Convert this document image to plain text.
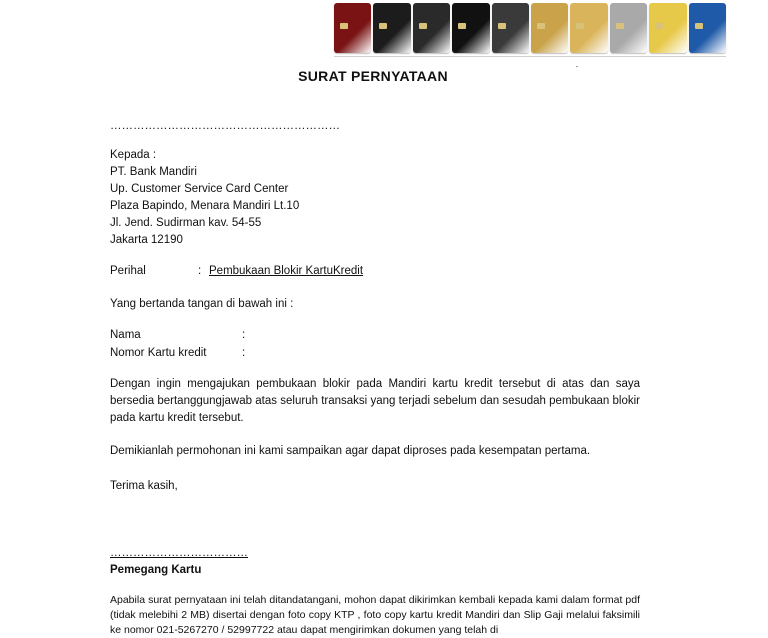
SURAT PERNYATAAN
……………………………………………………
Kepada :
PT. Bank Mandiri
Up. Customer Service Card Center
Plaza Bapindo, Menara Mandiri Lt.10
Jl. Jend. Sudirman kav. 54-55
Jakarta 12190
Perihal	: Pembukaan Blokir KartuKredit
Yang bertanda tangan di bawah ini :
Nama	:
Nomor Kartu kredit	:
Dengan ingin mengajukan pembukaan blokir pada Mandiri kartu kredit tersebut di atas dan saya bersedia bertanggungjawab atas seluruh transaksi yang terjadi sebelum dan sesudah pembukaan blokir pada kartu kredit tersebut.
Demikianlah permohonan ini kami sampaikan agar dapat diproses pada kesempatan pertama.
Terima kasih,
………………………………
Pemegang Kartu
Apabila surat pernyataan ini telah ditandatangani, mohon dapat dikirimkan kembali kepada kami dalam format pdf (tidak melebihi 2 MB) disertai dengan foto copy KTP , foto copy kartu kredit Mandiri dan Slip Gaji melalui faksimili ke nomor 021-5267270 / 52997722 atau dapat mengirimkan dokumen yang telah di
